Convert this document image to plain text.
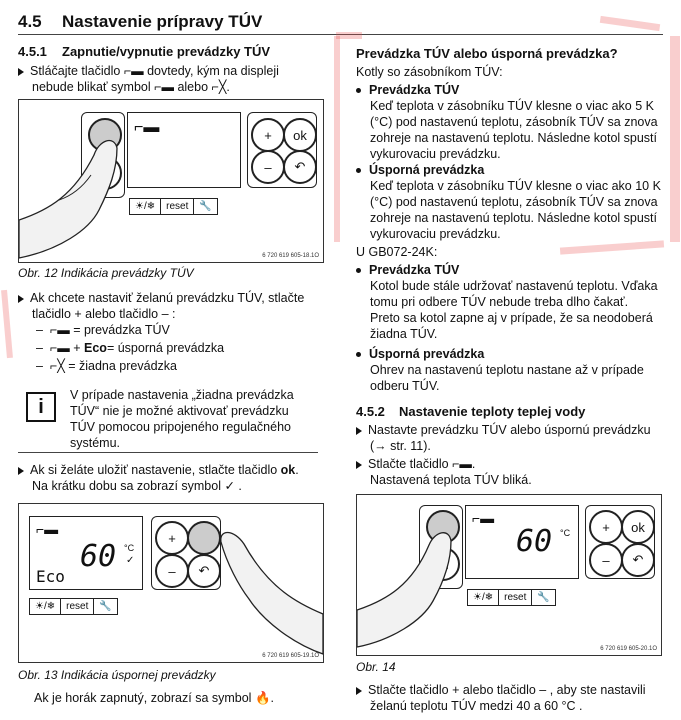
4.5 Nastavenie prípravy TÚV
4.5.1 Zapnutie/vypnutie prevádzky TÚV
Stláčajte tlačidlo ⌐▬ dovtedy, kým na displeji
nebude blikať symbol ⌐▬ alebo ⌐╳.
⌐▬	+	ok
–	↶
☀/❄	reset	🔧
6 720 619 605-18.1O
Obr. 12 Indikácia prevádzky TÚV
Ak chcete nastaviť želanú prevádzku TÚV, stlačte
tlačidlo + alebo tlačidlo – :
–  ⌐▬ = prevádzka TÚV
–  ⌐▬ + Eco= úsporná prevádzka
–  ⌐╳ = žiadna prevádzka
i
V prípade nastavenia „žiadna prevádzka
TÚV“ nie je možné aktivovať prevádzku
TÚV pomocou pripojeného regulačného
systému.
Ak si želáte uložiť nastavenie, stlačte tlačidlo ok.
Na krátku dobu sa zobrazí symbol ✓ .
⌐▬
60 °C
✓
Eco
+
–	↶
☀/❄	reset	🔧
6 720 619 605-19.1O
Obr. 13 Indikácia úspornej prevádzky
Ak je horák zapnutý, zobrazí sa symbol 🔥.
Prevádzka TÚV alebo úsporná prevádzka?
Kotly so zásobníkom TÚV:
Prevádzka TÚV
Keď teplota v zásobníku TÚV klesne o viac ako 5 K
(°C) pod nastavenú teplotu, zásobník TÚV sa znova
zohreje na nastavenú teplotu. Následne kotol spustí
vykurovaciu prevádzku.
Úsporná prevádzka
Keď teplota v zásobníku TÚV klesne o viac ako 10 K
(°C) pod nastavenú teplotu, zásobník TÚV sa znova
zohreje na nastavenú teplotu. Následne kotol spustí
vykurovaciu prevádzku.
U GB072-24K:
Prevádzka TÚV
Kotol bude stále udržovať nastavenú teplotu. Vďaka
tomu pri odbere TÚV nebude treba dlho čakať.
Preto sa kotol zapne aj v prípade, že sa neodoberá
žiadna TÚV.
Úsporná prevádzka
Ohrev na nastavenú teplotu nastane až v prípade
odberu TÚV.
4.5.2 Nastavenie teploty teplej vody
Nastavte prevádzku TÚV alebo úspornú prevádzku
(→ str. 11).
Stlačte tlačidlo ⌐▬.
Nastavená teplota TÚV bliká.
⌐▬
60 °C	+	ok
–	↶
☀/❄	reset	🔧
6 720 619 605-20.1O
Obr. 14
Stlačte tlačidlo + alebo tlačidlo – , aby ste nastavili
želanú teplotu TÚV medzi 40 a 60 °C .
